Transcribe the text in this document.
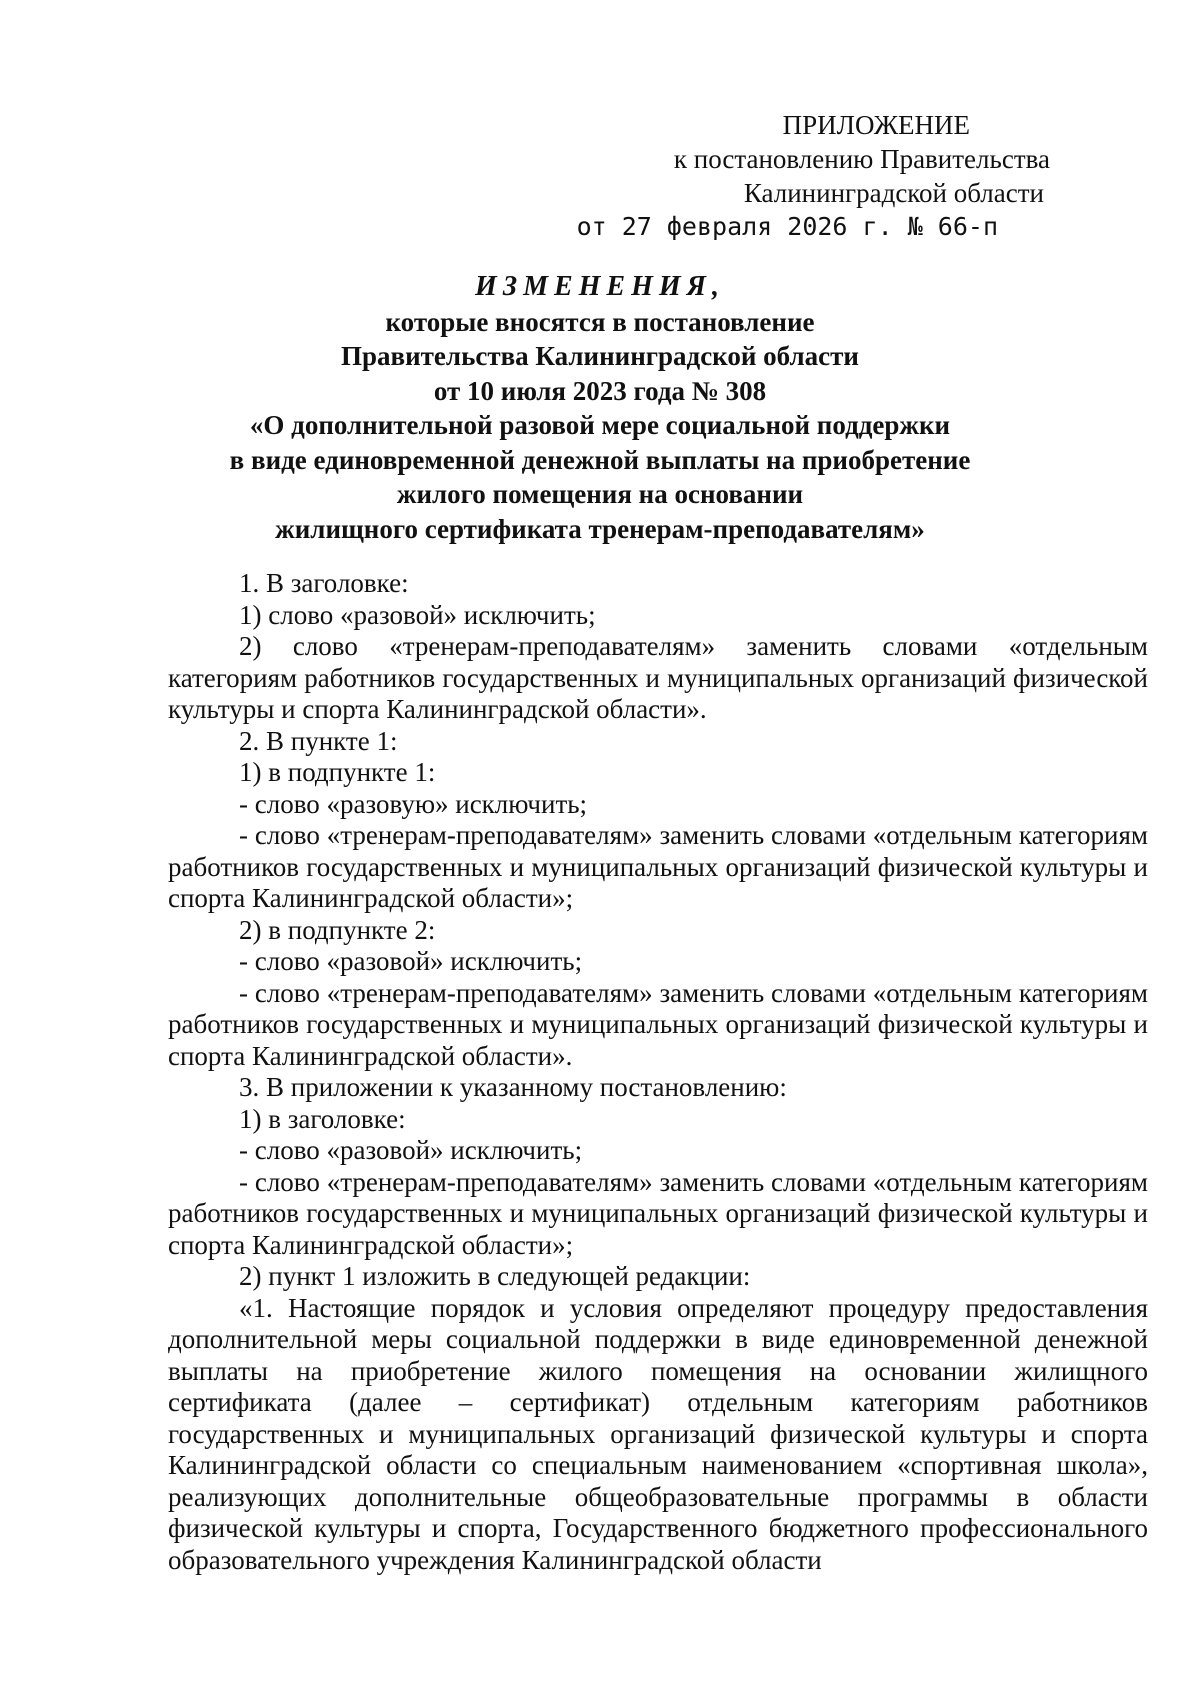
ПРИЛОЖЕНИЕ
к постановлению Правительства
Калининградской области
от 27 февраля 2026 г. № 66-п
ИЗМЕНЕНИЯ,
которые вносятся в постановление
Правительства Калининградской области
от 10 июля 2023 года № 308
«О дополнительной разовой мере социальной поддержки
в виде единовременной денежной выплаты на приобретение
жилого помещения на основании
жилищного сертификата тренерам-преподавателям»

1. В заголовке:

1) слово «разовой» исключить;

2) слово «тренерам-преподавателям» заменить словами «отдельным категориям работников государственных и муниципальных организаций физической культуры и спорта Калининградской области».

2. В пункте 1:

1) в подпункте 1:

- слово «разовую» исключить;

- слово «тренерам-преподавателям» заменить словами «отдельным категориям работников государственных и муниципальных организаций физической культуры и спорта Калининградской области»;

2) в подпункте 2:

- слово «разовой» исключить;

- слово «тренерам-преподавателям» заменить словами «отдельным категориям работников государственных и муниципальных организаций физической культуры и спорта Калининградской области».

3. В приложении к указанному постановлению:

1) в заголовке:

- слово «разовой» исключить;

- слово «тренерам-преподавателям» заменить словами «отдельным категориям работников государственных и муниципальных организаций физической культуры и спорта Калининградской области»;

2) пункт 1 изложить в следующей редакции:

«1. Настоящие порядок и условия определяют процедуру предоставления дополнительной меры социальной поддержки в виде единовременной денежной выплаты на приобретение жилого помещения на основании жилищного сертификата (далее – сертификат) отдельным категориям работников государственных и муниципальных организаций физической культуры и спорта Калининградской области со специальным наименованием «спортивная школа», реализующих дополнительные общеобразовательные программы в области физической культуры и спорта, Государственного бюджетного профессионального образовательного учреждения Калининградской области
